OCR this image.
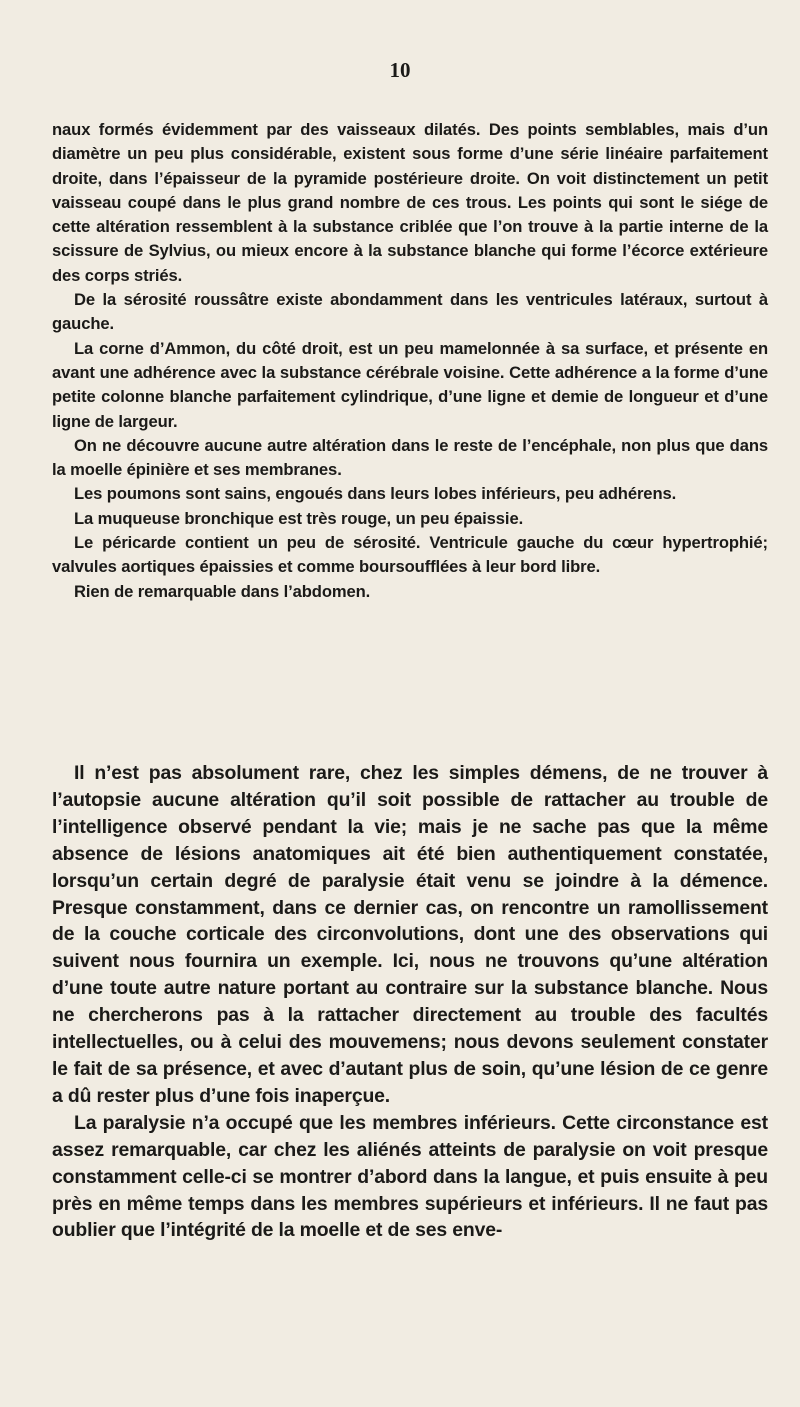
10

naux formés évidemment par des vaisseaux dilatés. Des points semblables, mais d’un diamètre un peu plus considérable, existent sous forme d’une série linéaire parfaitement droite, dans l’épaisseur de la pyramide postérieure droite. On voit distinctement un petit vaisseau coupé dans le plus grand nombre de ces trous. Les points qui sont le siége de cette altération ressemblent à la substance criblée que l’on trouve à la partie interne de la scissure de Sylvius, ou mieux encore à la substance blanche qui forme l’écorce extérieure des corps striés.

De la sérosité roussâtre existe abondamment dans les ventricules latéraux, surtout à gauche.

La corne d’Ammon, du côté droit, est un peu mamelonnée à sa surface, et présente en avant une adhérence avec la substance cérébrale voisine. Cette adhérence a la forme d’une petite colonne blanche parfaitement cylindrique, d’une ligne et demie de longueur et d’une ligne de largeur.

On ne découvre aucune autre altération dans le reste de l’encéphale, non plus que dans la moelle épinière et ses membranes.

Les poumons sont sains, engoués dans leurs lobes inférieurs, peu adhérens.

La muqueuse bronchique est très rouge, un peu épaissie.

Le péricarde contient un peu de sérosité. Ventricule gauche du cœur hypertrophié; valvules aortiques épaissies et comme boursoufflées à leur bord libre.

Rien de remarquable dans l’abdomen.

Il n’est pas absolument rare, chez les simples démens, de ne trouver à l’autopsie aucune altération qu’il soit possible de rattacher au trouble de l’intelligence observé pendant la vie; mais je ne sache pas que la même absence de lésions anatomiques ait été bien authentiquement constatée, lorsqu’un certain degré de paralysie était venu se joindre à la démence. Presque constamment, dans ce dernier cas, on rencontre un ramollissement de la couche corticale des circonvolutions, dont une des observations qui suivent nous fournira un exemple. Ici, nous ne trouvons qu’une altération d’une toute autre nature portant au contraire sur la substance blanche. Nous ne chercherons pas à la rattacher directement au trouble des facultés intellectuelles, ou à celui des mouvemens; nous devons seulement constater le fait de sa présence, et avec d’autant plus de soin, qu’une lésion de ce genre a dû rester plus d’une fois inaperçue.

La paralysie n’a occupé que les membres inférieurs. Cette circonstance est assez remarquable, car chez les aliénés atteints de paralysie on voit presque constamment celle-ci se montrer d’abord dans la langue, et puis ensuite à peu près en même temps dans les membres supérieurs et inférieurs. Il ne faut pas oublier que l’intégrité de la moelle et de ses enve-
